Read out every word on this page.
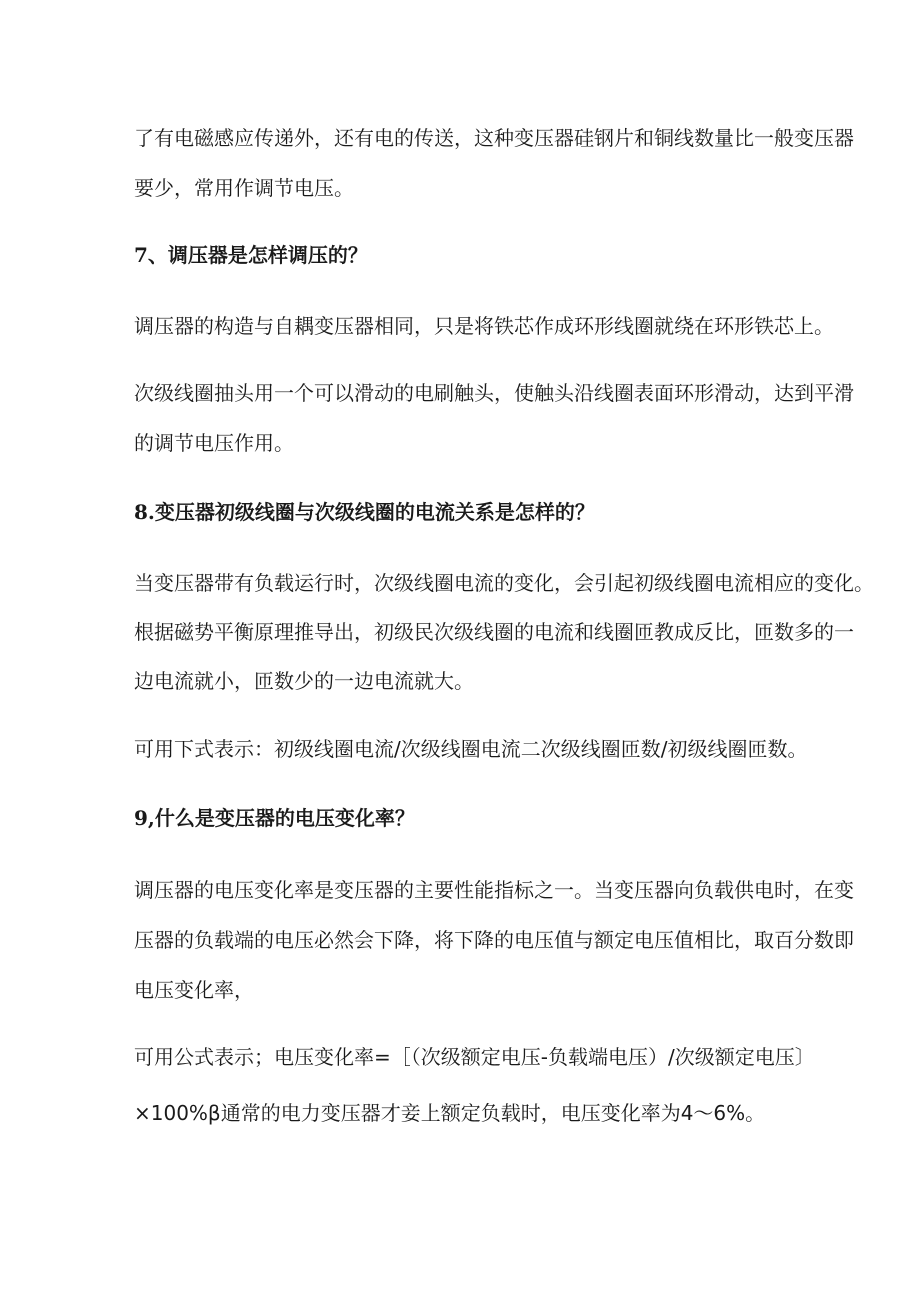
了有电磁感应传递外，还有电的传送，这种变压器硅钢片和铜线数量比一般变压器
要少，常用作调节电压。
7、调压器是怎样调压的？
调压器的构造与自耦变压器相同，只是将铁芯作成环形线圈就绕在环形铁芯上。
次级线圈抽头用一个可以滑动的电刷触头，使触头沿线圈表面环形滑动，达到平滑
的调节电压作用。
8.变压器初级线圈与次级线圈的电流关系是怎样的？
当变压器带有负载运行时，次级线圈电流的变化，会引起初级线圈电流相应的变化。
根据磁势平衡原理推导出，初级民次级线圈的电流和线圈匝教成反比，匝数多的一
边电流就小，匝数少的一边电流就大。
可用下式表示：初级线圈电流/次级线圈电流二次级线圈匝数/初级线圈匝数。
9,什么是变压器的电压变化率？
调压器的电压变化率是变压器的主要性能指标之一。当变压器向负载供电时，在变
压器的负载端的电压必然会下降，将下降的电压值与额定电压值相比，取百分数即
电压变化率，
可用公式表示；电压变化率=［（次级额定电压-负载端电压）/次级额定电压〕
×100%β通常的电力变压器才妾上额定负载时，电压变化率为4～6%。
